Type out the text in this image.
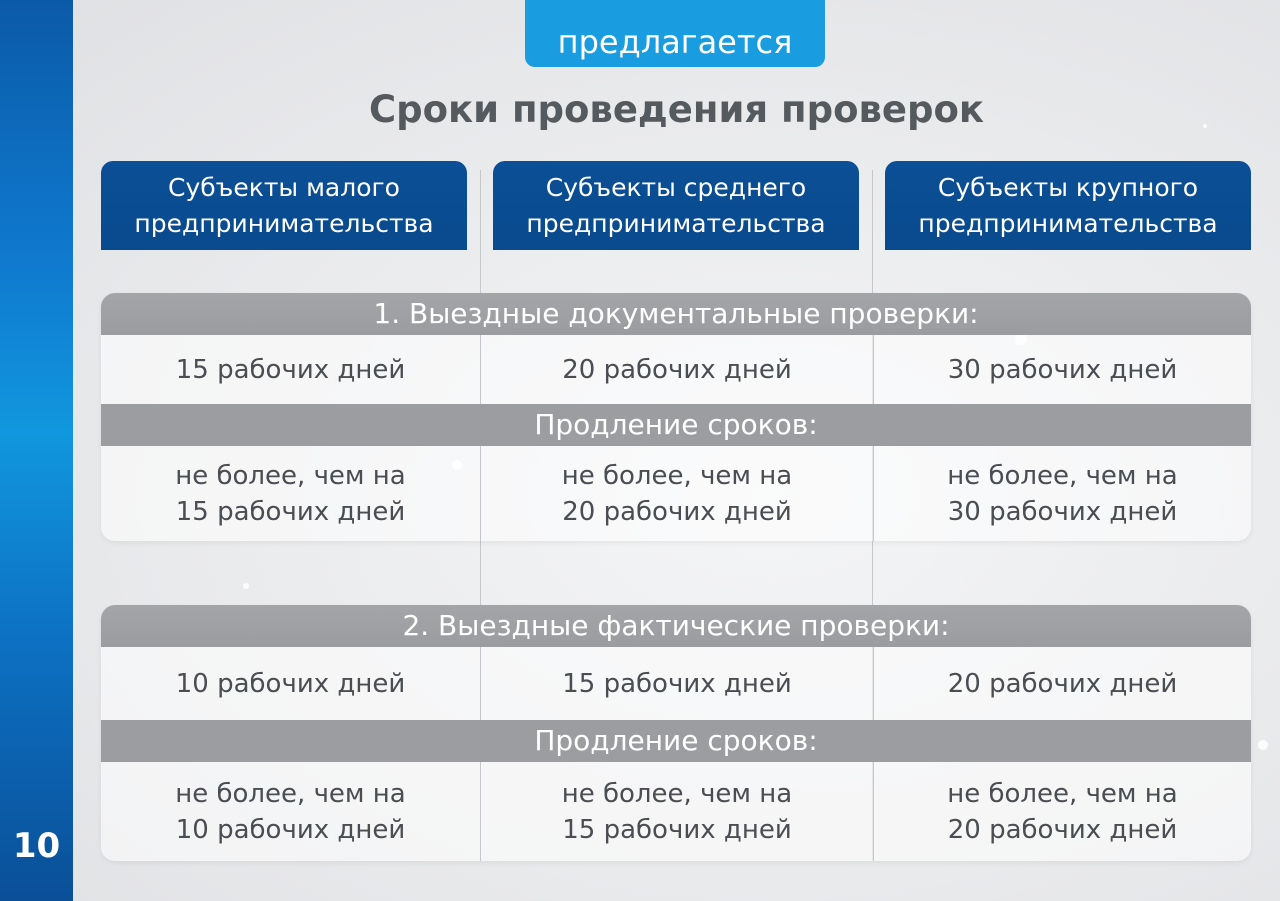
10
предлагается
Сроки проведения проверок
Субъекты малого
предпринимательства
Субъекты среднего
предпринимательства
Субъекты крупного
предпринимательства
1. Выездные документальные проверки:
15 рабочих дней	20 рабочих дней	30 рабочих дней
Продление сроков:
не более, чем на
15 рабочих дней
не более, чем на
20 рабочих дней
не более, чем на
30 рабочих дней
2. Выездные фактические проверки:
10 рабочих дней	15 рабочих дней	20 рабочих дней
Продление сроков:
не более, чем на
10 рабочих дней
не более, чем на
15 рабочих дней
не более, чем на
20 рабочих дней
